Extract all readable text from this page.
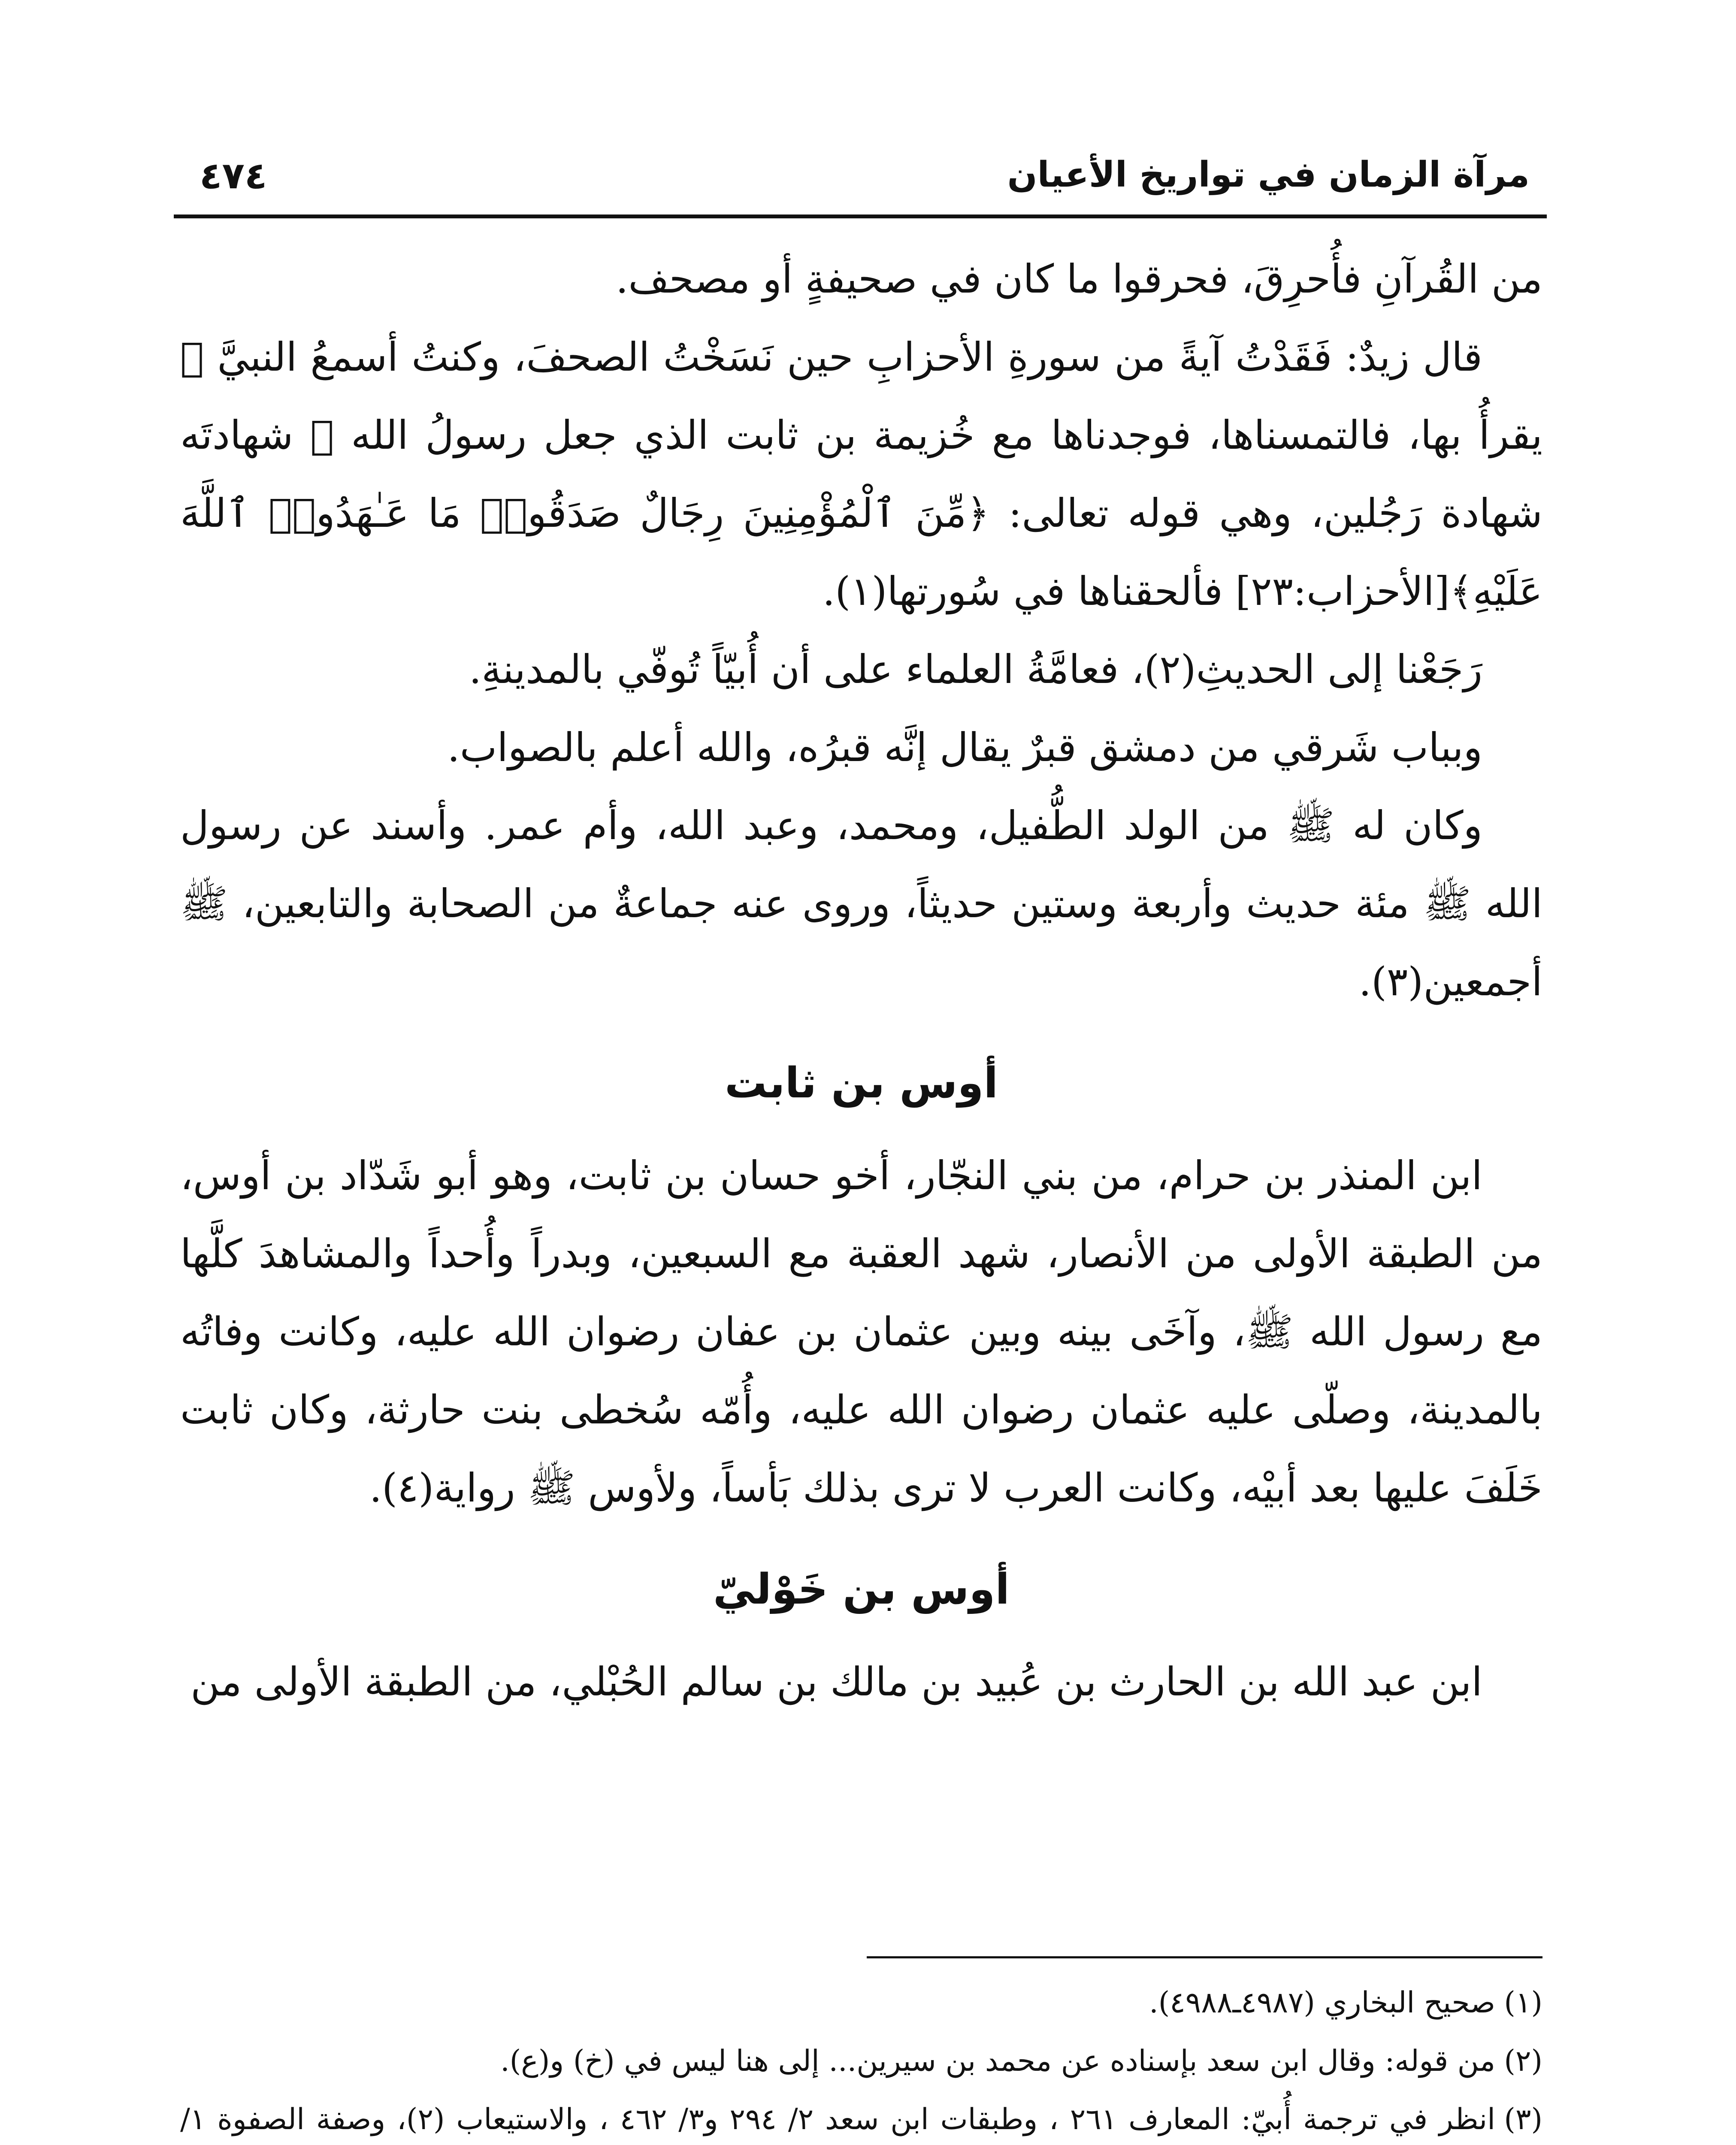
٤٧٤	مرآة الزمان في تواريخ الأعيان

من القُرآنِ فأُحرِقَ، فحرقوا ما كان في صحيفةٍ أو مصحف.

قال زيدٌ: فَقَدْتُ آيةً من سورةِ الأحزابِ حين نَسَخْتُ الصحفَ، وكنتُ أسمعُ النبيَّ ﷺ يقرأُ بها، فالتمسناها، فوجدناها مع خُزيمة بن ثابت الذي جعل رسولُ الله ﷺ شهادتَه شهادة رَجُلين، وهي قوله تعالى: ﴿مِّنَ ٱلْمُؤْمِنِينَ رِجَالٌ صَدَقُوا۟ مَا عَـٰهَدُوا۟ ٱللَّهَ عَلَيْهِ﴾[الأحزاب:٢٣] فألحقناها في سُورتها(١).

رَجَعْنا إلى الحديثِ(٢)، فعامَّةُ العلماء على أن أُبيّاً تُوفّي بالمدينةِ.

وبباب شَرقي من دمشق قبرٌ يقال إنَّه قبرُه، والله أعلم بالصواب.

وكان له ﷺ من الولد الطُّفيل، ومحمد، وعبد الله، وأم عمر. وأسند عن رسول الله ﷺ مئة حديث وأربعة وستين حديثاً، وروى عنه جماعةٌ من الصحابة والتابعين، ﷺ أجمعين(٣).

أوس بن ثابت

ابن المنذر بن حرام، من بني النجّار، أخو حسان بن ثابت، وهو أبو شَدّاد بن أوس، من الطبقة الأولى من الأنصار، شهد العقبة مع السبعين، وبدراً وأُحداً والمشاهدَ كلَّها مع رسول الله ﷺ، وآخَى بينه وبين عثمان بن عفان رضوان الله عليه، وكانت وفاتُه بالمدينة، وصلّى عليه عثمان رضوان الله عليه، وأُمّه سُخطى بنت حارثة، وكان ثابت خَلَفَ عليها بعد أبيْه، وكانت العرب لا ترى بذلك بَأساً، ولأوس ﷺ رواية(٤).

أوس بن خَوْليّ

ابن عبد الله بن الحارث بن عُبيد بن مالك بن سالم الحُبْلي، من الطبقة الأولى من

(١)
صحيح البخاري (٤٩٨٧ـ٤٩٨٨).

(٢)
من قوله: وقال ابن سعد بإسناده عن محمد بن سيرين... إلى هنا ليس في (خ) و(ع).

(٣)
انظر في ترجمة أُبيّ: المعارف ٢٦١ ، وطبقات ابن سعد ٢/ ٢٩٤ و٣/ ٤٦٢ ، والاستيعاب (٢)، وصفة الصفوة ١/
